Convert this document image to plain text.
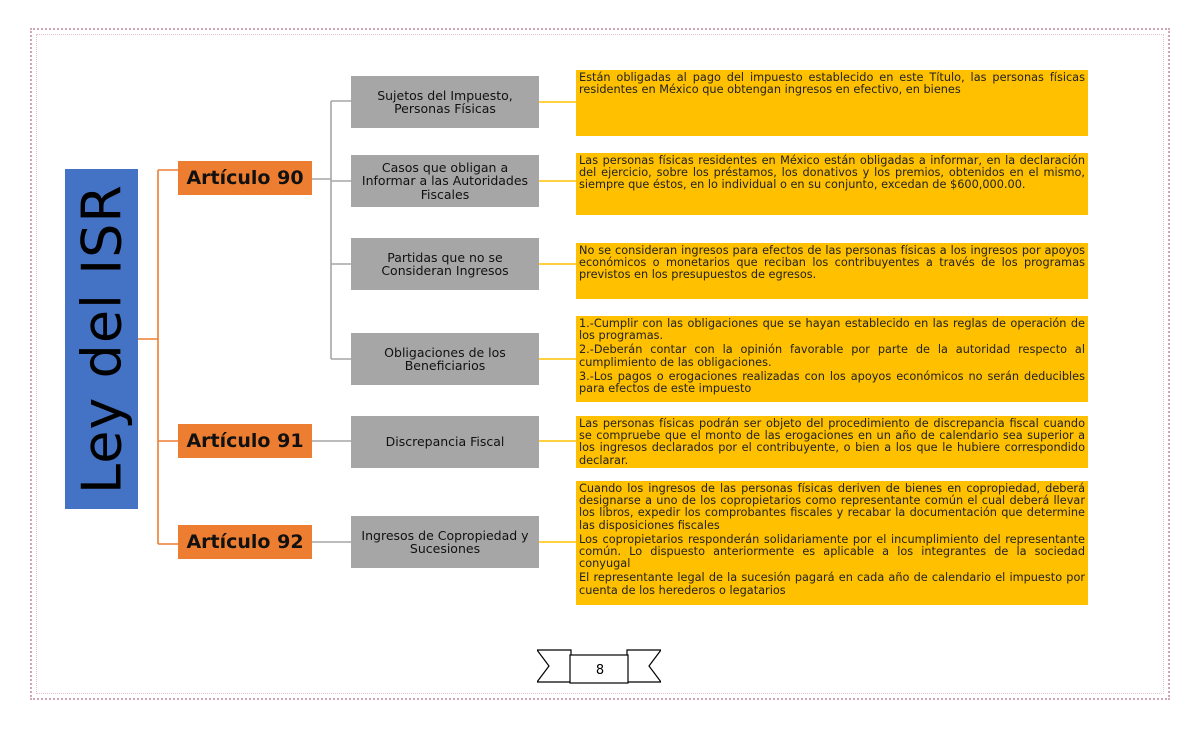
Ley del ISR
Artículo 90
Artículo 91
Artículo 92
Sujetos del Impuesto, Personas Físicas
Casos que obligan a Informar a las Autoridades Fiscales
Partidas que no se Consideran Ingresos
Obligaciones de los Beneficiarios
Discrepancia Fiscal
Ingresos de Copropiedad y Sucesiones

Están obligadas al pago del impuesto establecido en este Título, las personas físicas residentes en México que obtengan ingresos en efectivo, en bienes

Las personas físicas residentes en México están obligadas a informar, en la declaración del ejercicio, sobre los préstamos, los donativos y los premios, obtenidos en el mismo, siempre que éstos, en lo individual o en su conjunto, excedan de $600,000.00.

No se consideran ingresos para efectos de las personas físicas a los ingresos por apoyos económicos o monetarios que reciban los contribuyentes a través de los programas previstos en los presupuestos de egresos.

1.-Cumplir con las obligaciones que se hayan establecido en las reglas de operación de los programas.

2.-Deberán contar con la opinión favorable por parte de la autoridad respecto al cumplimiento de las obligaciones.

3.-Los pagos o erogaciones realizadas con los apoyos económicos no serán deducibles para efectos de este impuesto

Las personas físicas podrán ser objeto del procedimiento de discrepancia fiscal cuando se compruebe que el monto de las erogaciones en un año de calendario sea superior a los ingresos declarados por el contribuyente, o bien a los que le hubiere correspondido declarar.

Cuando los ingresos de las personas físicas deriven de bienes en copropiedad, deberá designarse a uno de los copropietarios como representante común el cual deberá llevar los libros, expedir los comprobantes fiscales y recabar la documentación que determine las disposiciones fiscales

Los copropietarios responderán solidariamente por el incumplimiento del representante común. Lo dispuesto anteriormente es aplicable a los integrantes de la sociedad conyugal

El representante legal de la sucesión pagará en cada año de calendario el impuesto por cuenta de los herederos o legatarios

8
